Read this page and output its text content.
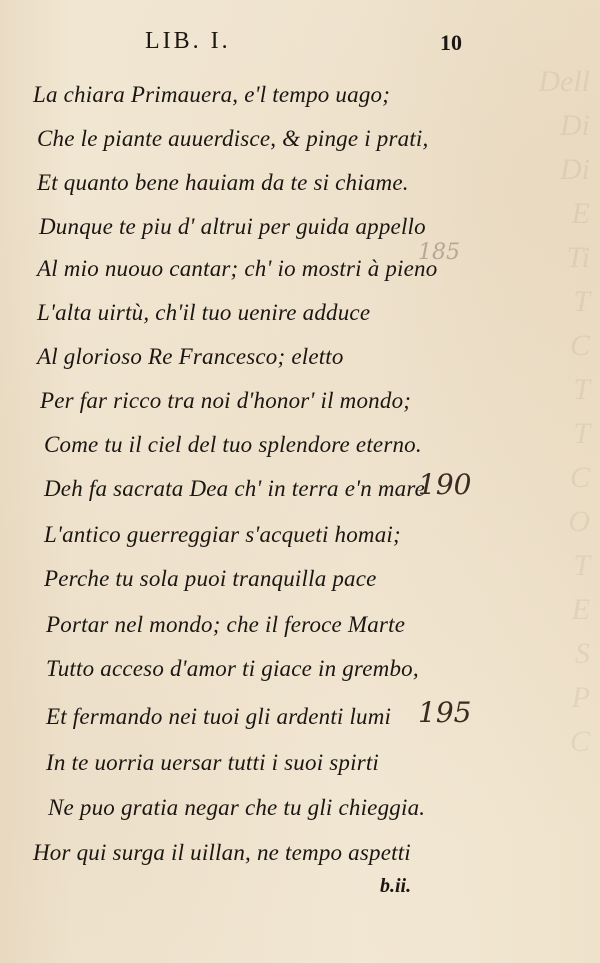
Dell
Di
Di
E
Ti
T
C
T
T
C
O
T
E
S
P
C
LIB. I.	10
La chiara Primauera, e'l tempo uago;
Che le piante auuerdisce, & pinge i prati,
Et quanto bene hauiam da te si chiame.
Dunque te piu d' altrui per guida appello
Al mio nuouo cantar; ch' io mostri à pieno
L'alta uirtù, ch'il tuo uenire adduce
Al glorioso Re Francesco; eletto
Per far ricco tra noi d'honor' il mondo;
Come tu il ciel del tuo splendore eterno.
Deh fa sacrata Dea ch' in terra e'n mare
L'antico guerreggiar s'acqueti homai;
Perche tu sola puoi tranquilla pace
Portar nel mondo; che il feroce Marte
Tutto acceso d'amor ti giace in grembo,
Et fermando nei tuoi gli ardenti lumi
In te uorria uersar tutti i suoi spirti
Ne puo gratia negar che tu gli chieggia.
Hor qui surga il uillan, ne tempo aspetti
185
190
195
b.ii.
